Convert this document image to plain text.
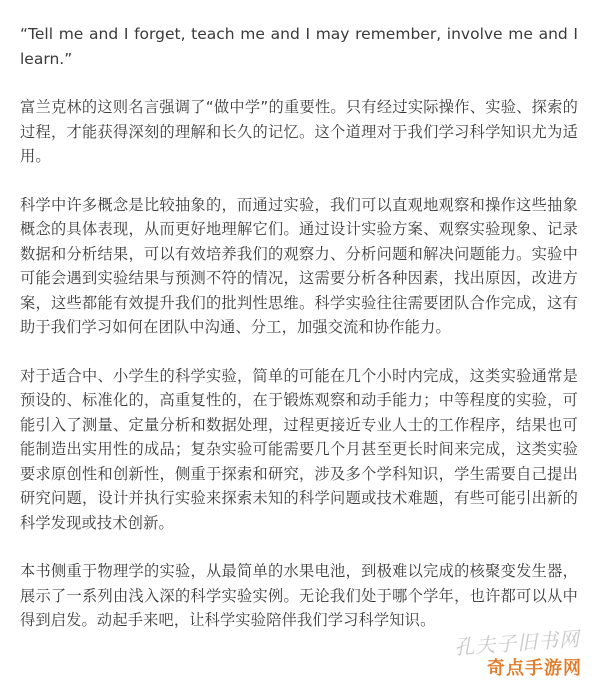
“Tell me and I forget, teach me and I may remember, involve me and I learn.”

富兰克林的这则名言强调了“做中学”的重要性。只有经过实际操作、实验、探索的过程，才能获得深刻的理解和长久的记忆。这个道理对于我们学习科学知识尤为适用。

科学中许多概念是比较抽象的，而通过实验，我们可以直观地观察和操作这些抽象概念的具体表现，从而更好地理解它们。通过设计实验方案、观察实验现象、记录数据和分析结果，可以有效培养我们的观察力、分析问题和解决问题能力。实验中可能会遇到实验结果与预测不符的情况，这需要分析各种因素，找出原因，改进方案，这些都能有效提升我们的批判性思维。科学实验往往需要团队合作完成，这有助于我们学习如何在团队中沟通、分工，加强交流和协作能力。

对于适合中、小学生的科学实验，简单的可能在几个小时内完成，这类实验通常是预设的、标准化的，高重复性的，在于锻炼观察和动手能力；中等程度的实验，可能引入了测量、定量分析和数据处理，过程更接近专业人士的工作程序，结果也可能制造出实用性的成品；复杂实验可能需要几个月甚至更长时间来完成，这类实验要求原创性和创新性，侧重于探索和研究，涉及多个学科知识，学生需要自己提出研究问题，设计并执行实验来探索未知的科学问题或技术难题，有些可能引出新的科学发现或技术创新。

本书侧重于物理学的实验，从最简单的水果电池，到极难以完成的核聚变发生器，展示了一系列由浅入深的科学实验实例。无论我们处于哪个学年，也许都可以从中得到启发。动起手来吧，让科学实验陪伴我们学习科学知识。

孔夫子旧书网
奇点手游网
